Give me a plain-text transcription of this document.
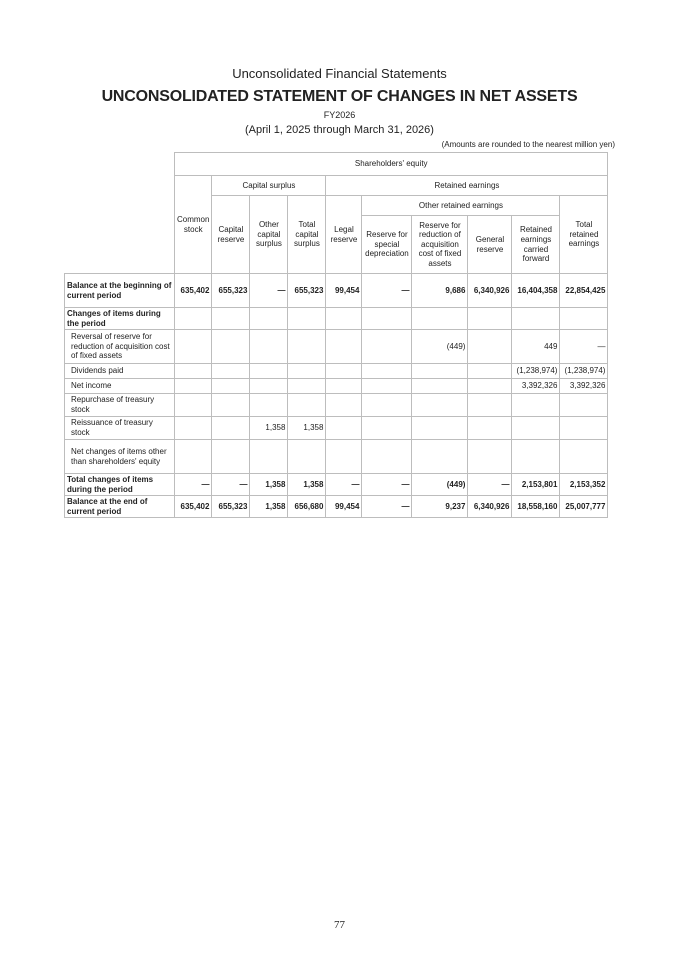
Unconsolidated Financial Statements
UNCONSOLIDATED STATEMENT OF CHANGES IN NET ASSETS
FY2026
(April 1, 2025 through March 31, 2026)
(Amounts are rounded to the nearest million yen)
	Shareholders' equity									
	Common stock	Capital surplus			Retained earnings					
		Capital reserve	Other capital surplus	Total capital surplus	Legal reserve	Other retained earnings				Total retained earnings
						Reserve for special depreciation	Reserve for reduction of acquisition cost of fixed assets	General reserve	Retained earnings carried forward	

Balance at the beginning of current period	635,402	655,323	—	655,323	99,454	—	9,686	6,340,926	16,404,358	22,854,425
Changes of items during the period										
Reversal of reserve for reduction of acquisition cost of fixed assets							(449)		449	—
Dividends paid									(1,238,974)	(1,238,974)
Net income									3,392,326	3,392,326
Repurchase of treasury stock										
Reissuance of treasury stock			1,358	1,358						
Net changes of items other than shareholders' equity										
Total changes of items during the period	—	—	1,358	1,358	—	—	(449)	—	2,153,801	2,153,352
Balance at the end of current period	635,402	655,323	1,358	656,680	99,454	—	9,237	6,340,926	18,558,160	25,007,777
77
